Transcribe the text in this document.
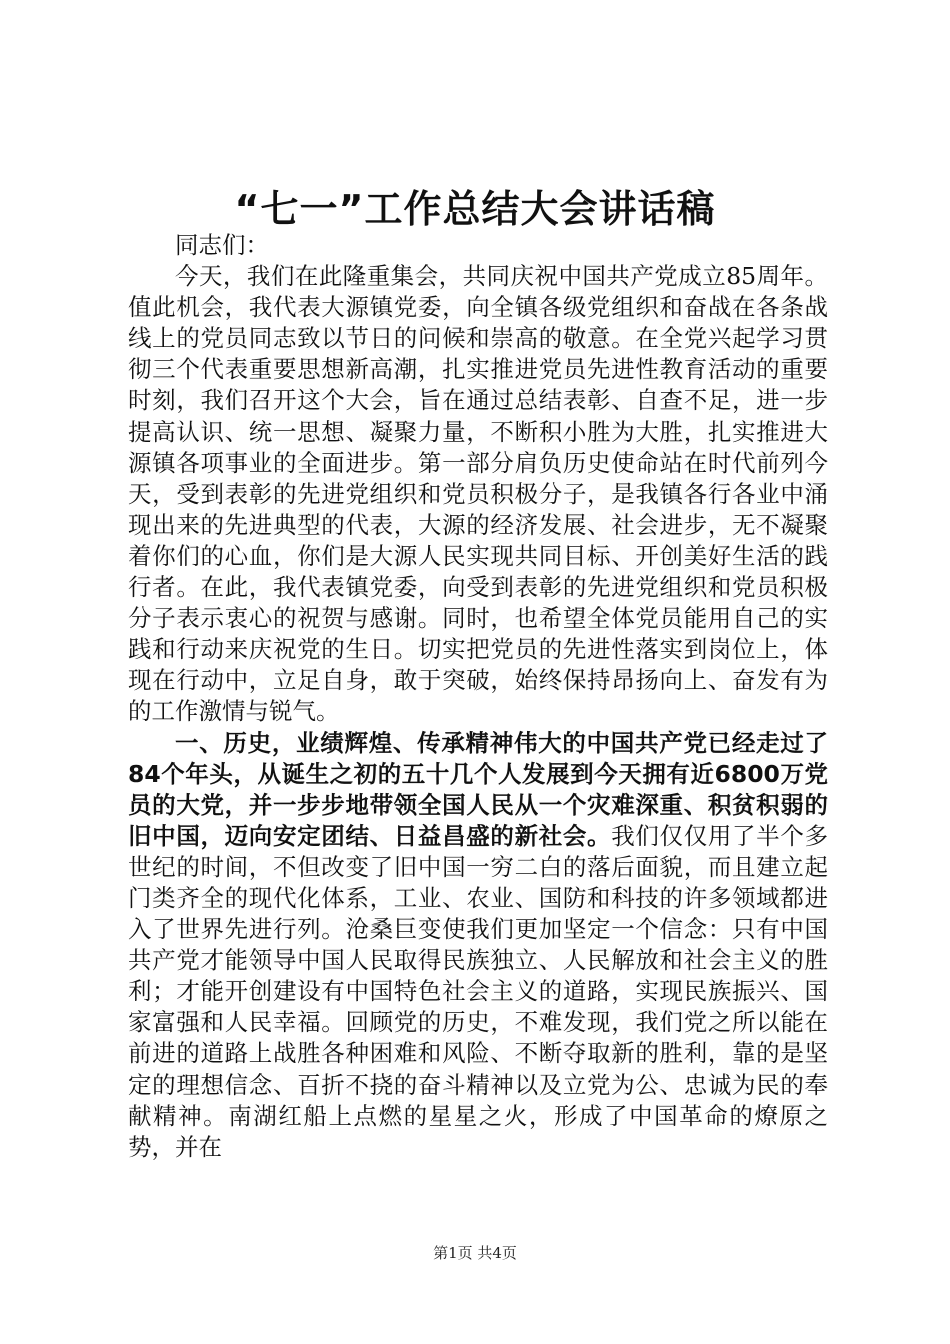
“七一”工作总结大会讲话稿

同志们：

今天，我们在此隆重集会，共同庆祝中国共产党成立85周年。值此机会，我代表大源镇党委，向全镇各级党组织和奋战在各条战线上的党员同志致以节日的问候和崇高的敬意。在全党兴起学习贯彻三个代表重要思想新高潮，扎实推进党员先进性教育活动的重要时刻，我们召开这个大会，旨在通过总结表彰、自查不足，进一步提高认识、统一思想、凝聚力量，不断积小胜为大胜，扎实推进大源镇各项事业的全面进步。第一部分肩负历史使命站在时代前列今天，受到表彰的先进党组织和党员积极分子，是我镇各行各业中涌现出来的先进典型的代表，大源的经济发展、社会进步，无不凝聚着你们的心血，你们是大源人民实现共同目标、开创美好生活的践行者。在此，我代表镇党委，向受到表彰的先进党组织和党员积极分子表示衷心的祝贺与感谢。同时，也希望全体党员能用自己的实践和行动来庆祝党的生日。切实把党员的先进性落实到岗位上，体现在行动中，立足自身，敢于突破，始终保持昂扬向上、奋发有为的工作激情与锐气。

一、历史，业绩辉煌、传承精神伟大的中国共产党已经走过了84个年头，从诞生之初的五十几个人发展到今天拥有近6800万党员的大党，并一步步地带领全国人民从一个灾难深重、积贫积弱的旧中国，迈向安定团结、日益昌盛的新社会。我们仅仅用了半个多世纪的时间，不但改变了旧中国一穷二白的落后面貌，而且建立起门类齐全的现代化体系，工业、农业、国防和科技的许多领域都进入了世界先进行列。沧桑巨变使我们更加坚定一个信念：只有中国共产党才能领导中国人民取得民族独立、人民解放和社会主义的胜利；才能开创建设有中国特色社会主义的道路，实现民族振兴、国家富强和人民幸福。回顾党的历史，不难发现，我们党之所以能在前进的道路上战胜各种困难和风险、不断夺取新的胜利，靠的是坚定的理想信念、百折不挠的奋斗精神以及立党为公、忠诚为民的奉献精神。南湖红船上点燃的星星之火，形成了中国革命的燎原之势，并在

第1页 共4页
